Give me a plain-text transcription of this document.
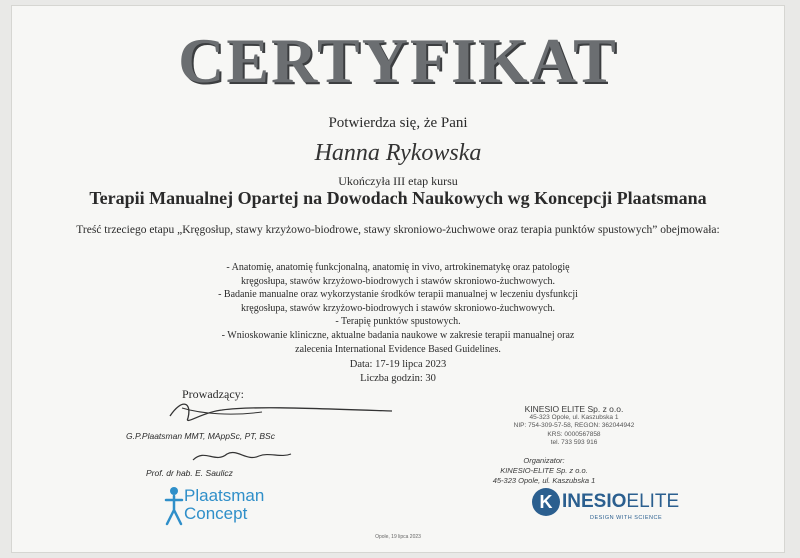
CERTYFIKAT
Potwierdza się, że Pani
Hanna Rykowska
Ukończyła III etap kursu
Terapii Manualnej Opartej na Dowodach Naukowych wg Koncepcji Plaatsmana
Treść trzeciego etapu „Kręgosłup, stawy krzyżowo-biodrowe, stawy skroniowo-żuchwowe oraz terapia punktów spustowych” obejmowała:
- Anatomię, anatomię funkcjonalną, anatomię in vivo, artrokinematykę oraz patologię
kręgosłupa, stawów krzyżowo-biodrowych i stawów skroniowo-żuchwowych.
- Badanie manualne oraz wykorzystanie środków terapii manualnej w leczeniu dysfunkcji
kręgosłupa, stawów krzyżowo-biodrowych i stawów skroniowo-żuchwowych.
- Terapię punktów spustowych.
- Wnioskowanie kliniczne, aktualne badania naukowe w zakresie terapii manualnej oraz
zalecenia International Evidence Based Guidelines.
Data: 17-19 lipca 2023
Liczba godzin: 30
Prowadzący:
G.P.Plaatsman MMT, MAppSc, PT, BSc
Prof. dr hab. E. Saulicz
KINESIO ELITE Sp. z o.o.
45-323 Opole, ul. Kaszubska 1
NIP: 754-309-57-58, REGON: 362044942
KRS: 0000567858
tel. 733 593 916
Organizator:
KINESIO-ELITE Sp. z o.o.
45-323 Opole, ul. Kaszubska 1
Plaatsman
Concept
K INESIOELITE
DESIGN WITH SCIENCE
Opole, 19 lipca 2023
